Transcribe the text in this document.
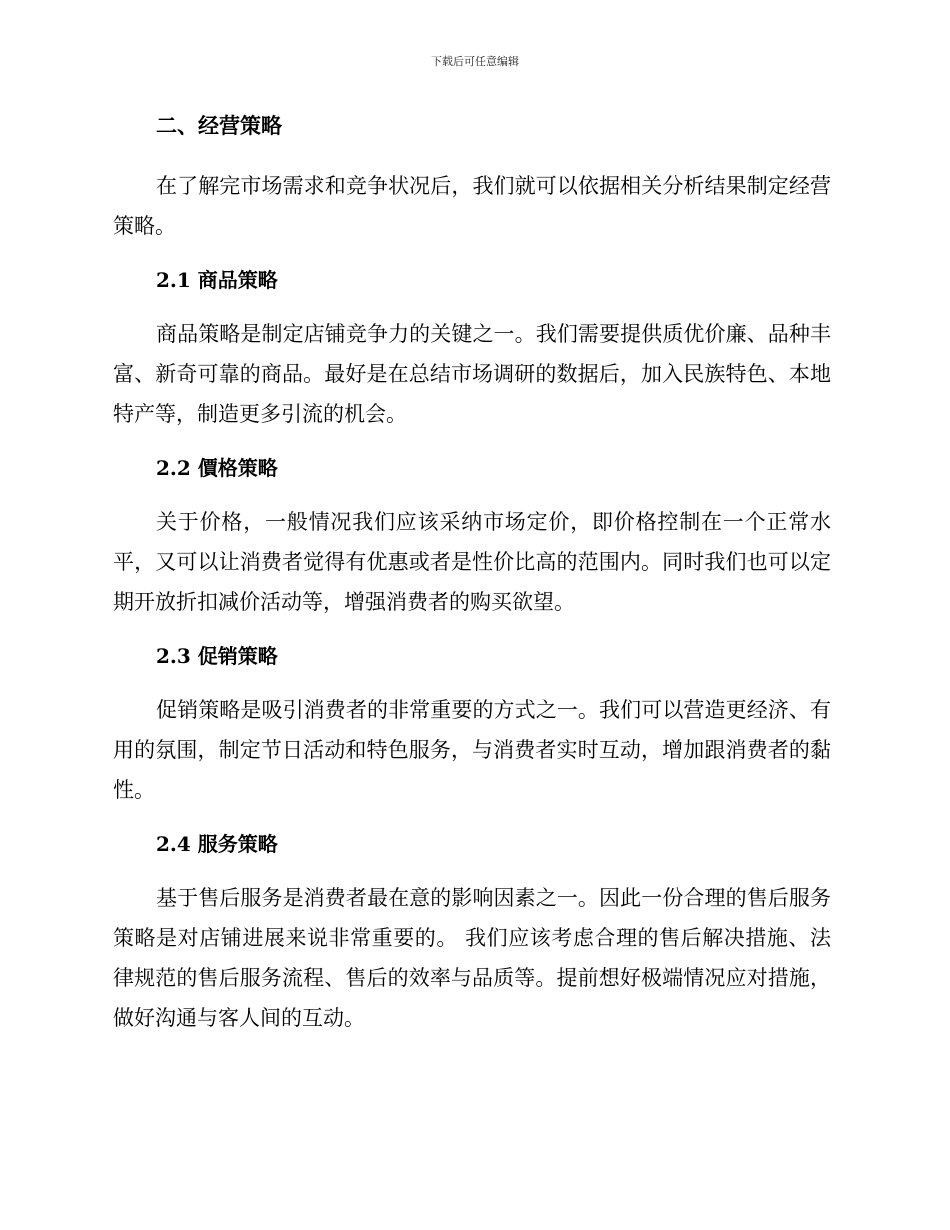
下载后可任意编辑
二、经营策略

在了解完市场需求和竞争状况后，我们就可以依据相关分析结果制定经营策略。

2.1 商品策略

商品策略是制定店铺竞争力的关键之一。我们需要提供质优价廉、品种丰富、新奇可靠的商品。最好是在总结市场调研的数据后，加入民族特色、本地特产等，制造更多引流的机会。

2.2 價格策略

关于价格，一般情况我们应该采纳市场定价，即价格控制在一个正常水平，又可以让消费者觉得有优惠或者是性价比高的范围内。同时我们也可以定期开放折扣减价活动等，增强消费者的购买欲望。

2.3 促销策略

促销策略是吸引消费者的非常重要的方式之一。我们可以营造更经济、有用的氛围，制定节日活动和特色服务，与消费者实时互动，增加跟消费者的黏性。

2.4 服务策略

基于售后服务是消费者最在意的影响因素之一。因此一份合理的售后服务策略是对店铺进展来说非常重要的。 我们应该考虑合理的售后解决措施、法律规范的售后服务流程、售后的效率与品质等。提前想好极端情况应对措施，做好沟通与客人间的互动。
